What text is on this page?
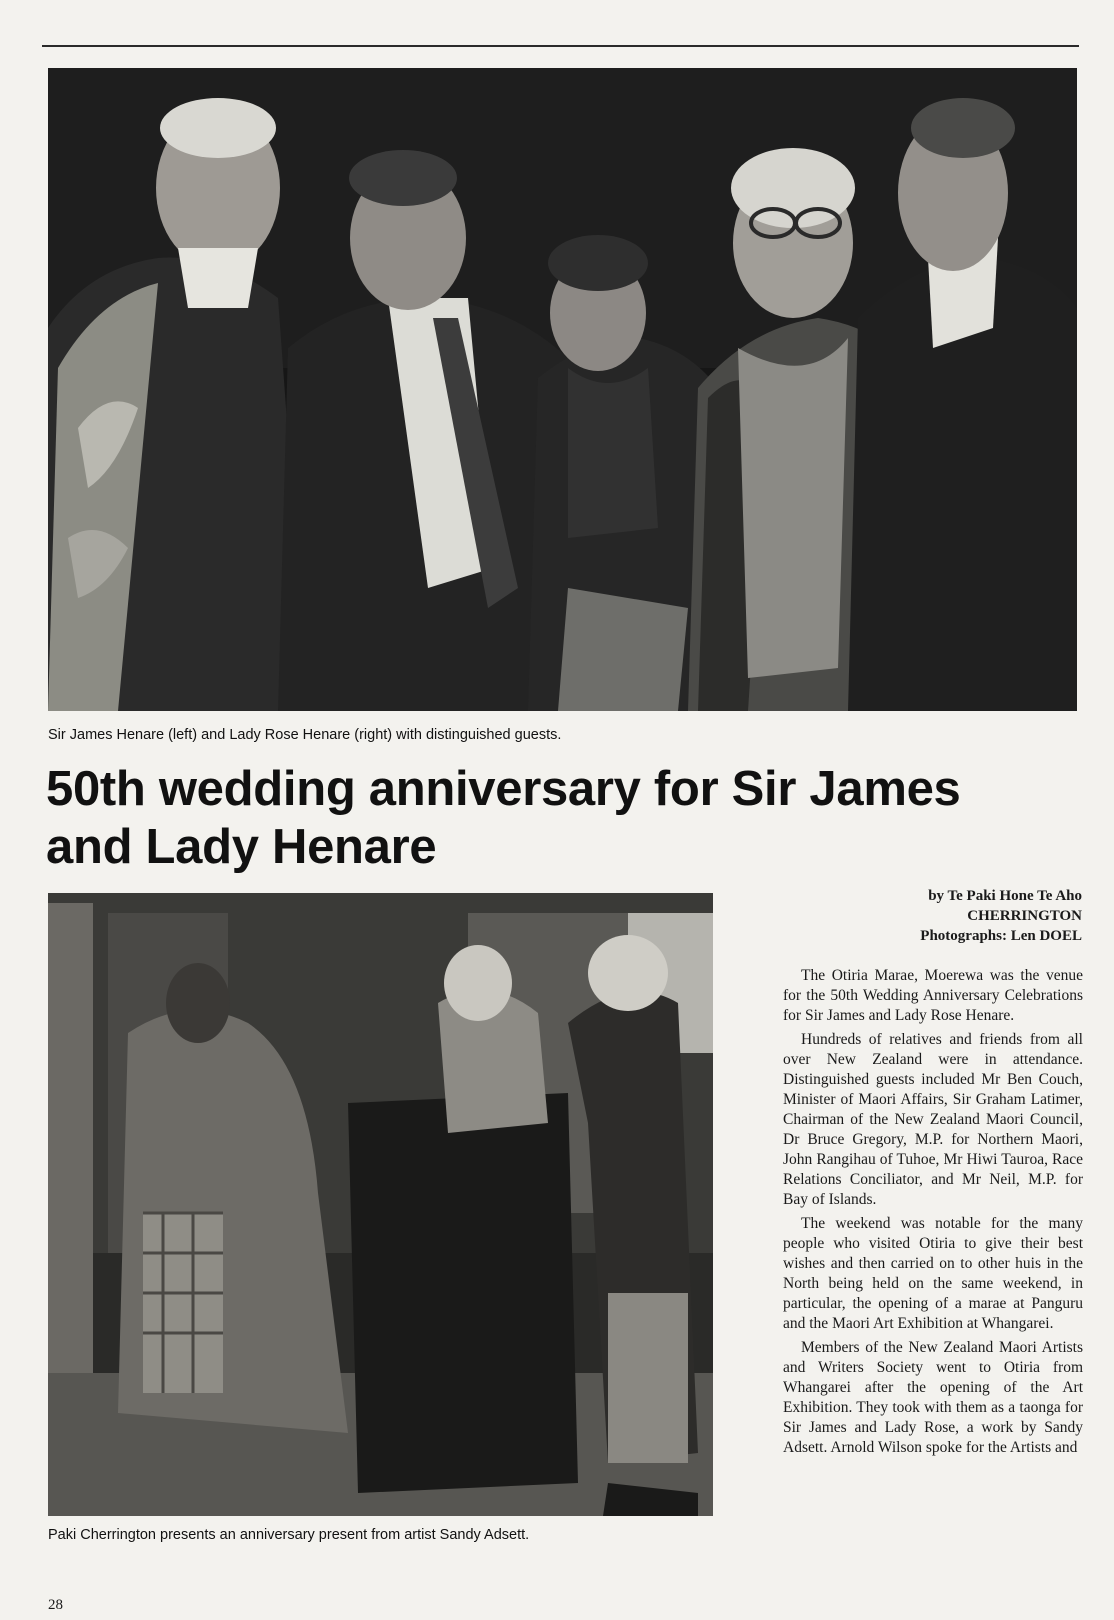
Sir James Henare (left) and Lady Rose Henare (right) with distinguished guests.
50th wedding anniversary for Sir James
and Lady Henare
Paki Cherrington presents an anniversary present from artist Sandy Adsett.
by Te Paki Hone Te Aho
CHERRINGTON
Photographs: Len DOEL

The Otiria Marae, Moerewa was the venue for the 50th Wedding Anniversary Celebrations for Sir James and Lady Rose Henare.

Hundreds of relatives and friends from all over New Zealand were in attendance. Distinguished guests included Mr Ben Couch, Minister of Maori Affairs, Sir Graham Latimer, Chairman of the New Zealand Maori Council, Dr Bruce Gregory, M.P. for Northern Maori, John Rangihau of Tuhoe, Mr Hiwi Tauroa, Race Relations Conciliator, and Mr Neil, M.P. for Bay of Islands.

The weekend was notable for the many people who visited Otiria to give their best wishes and then carried on to other huis in the North being held on the same weekend, in particular, the opening of a marae at Panguru and the Maori Art Exhibition at Whangarei.

Members of the New Zealand Maori Artists and Writers Society went to Otiria from Whangarei after the opening of the Art Exhibition. They took with them as a taonga for Sir James and Lady Rose, a work by Sandy Adsett. Arnold Wilson spoke for the Artists and

28
